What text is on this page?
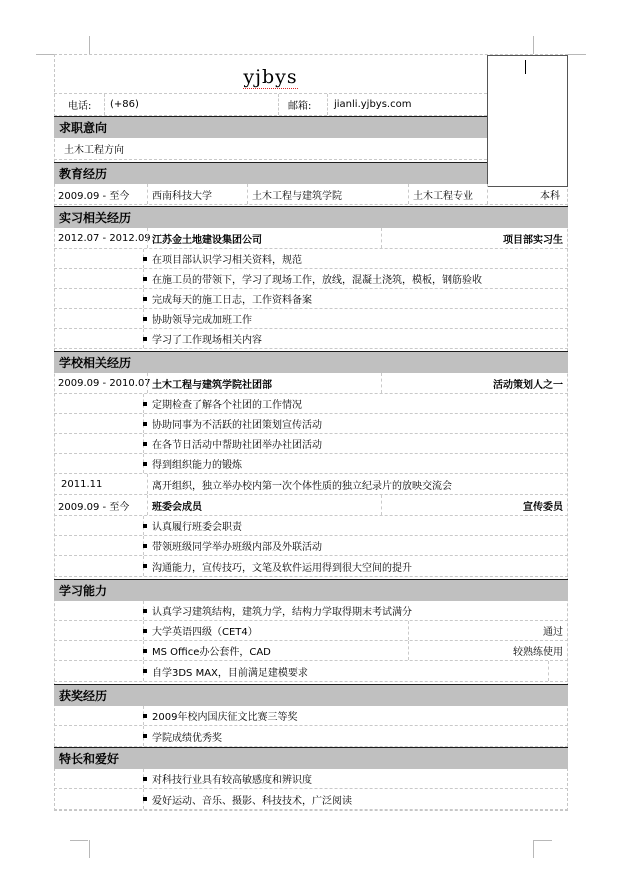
yjbys
电话: (+86)	邮箱: jianli.yjbys.com
求职意向
土木工程方向
教育经历
2009.09 - 至今 西南科技大学	土木工程与建筑学院	土木工程专业	本科
实习相关经历
2012.07 - 2012.09 江苏金土地建设集团公司	项目部实习生
在项目部认识学习相关资料，规范
在施工员的带领下，学习了现场工作，放线，混凝土浇筑，模板，钢筋验收
完成每天的施工日志，工作资料备案
协助领导完成加班工作
学习了工作现场相关内容
学校相关经历
2009.09 - 2010.07 土木工程与建筑学院社团部	活动策划人之一
定期检查了解各个社团的工作情况
协助同事为不活跃的社团策划宣传活动
在各节日活动中帮助社团举办社团活动
得到组织能力的锻炼
2011.11	离开组织，独立举办校内第一次个体性质的独立纪录片的放映交流会
2009.09 - 至今 班委会成员	宣传委员
认真履行班委会职责
带领班级同学举办班级内部及外联活动
沟通能力，宣传技巧，文笔及软件运用得到很大空间的提升
学习能力
认真学习建筑结构，建筑力学，结构力学取得期末考试满分
大学英语四级（CET4）	通过
MS Office办公套件，CAD	较熟练使用
自学3DS MAX，目前满足建模要求
获奖经历
2009年校内国庆征文比赛三等奖
学院成绩优秀奖
特长和爱好
对科技行业具有较高敏感度和辨识度
爱好运动、音乐、摄影、科技技术，广泛阅读
